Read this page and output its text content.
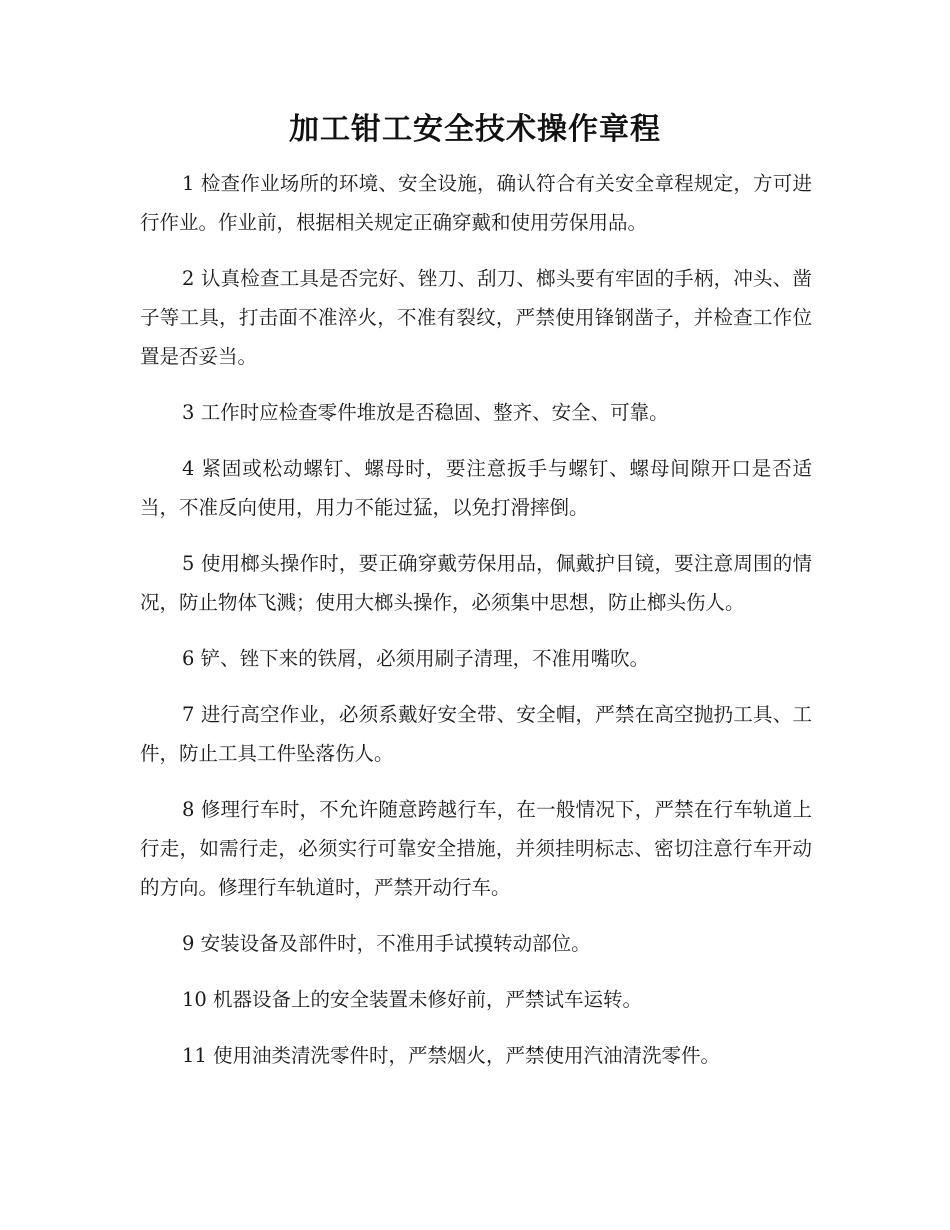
加工钳工安全技术操作章程

1 检查作业场所的环境、安全设施，确认符合有关安全章程规定，方可进行作业。作业前，根据相关规定正确穿戴和使用劳保用品。

2 认真检查工具是否完好、锉刀、刮刀、榔头要有牢固的手柄，冲头、凿子等工具，打击面不准淬火，不准有裂纹，严禁使用锋钢凿子，并检查工作位置是否妥当。

3 工作时应检查零件堆放是否稳固、整齐、安全、可靠。

4 紧固或松动螺钉、螺母时，要注意扳手与螺钉、螺母间隙开口是否适当，不准反向使用，用力不能过猛，以免打滑摔倒。

5 使用榔头操作时，要正确穿戴劳保用品，佩戴护目镜，要注意周围的情况，防止物体飞溅；使用大榔头操作，必须集中思想，防止榔头伤人。

6 铲、锉下来的铁屑，必须用刷子清理，不准用嘴吹。

7 进行高空作业，必须系戴好安全带、安全帽，严禁在高空抛扔工具、工件，防止工具工件坠落伤人。

8 修理行车时，不允许随意跨越行车，在一般情况下，严禁在行车轨道上行走，如需行走，必须实行可靠安全措施，并须挂明标志、密切注意行车开动的方向。修理行车轨道时，严禁开动行车。

9 安装设备及部件时，不准用手试摸转动部位。

10 机器设备上的安全装置未修好前，严禁试车运转。

11 使用油类清洗零件时，严禁烟火，严禁使用汽油清洗零件。
